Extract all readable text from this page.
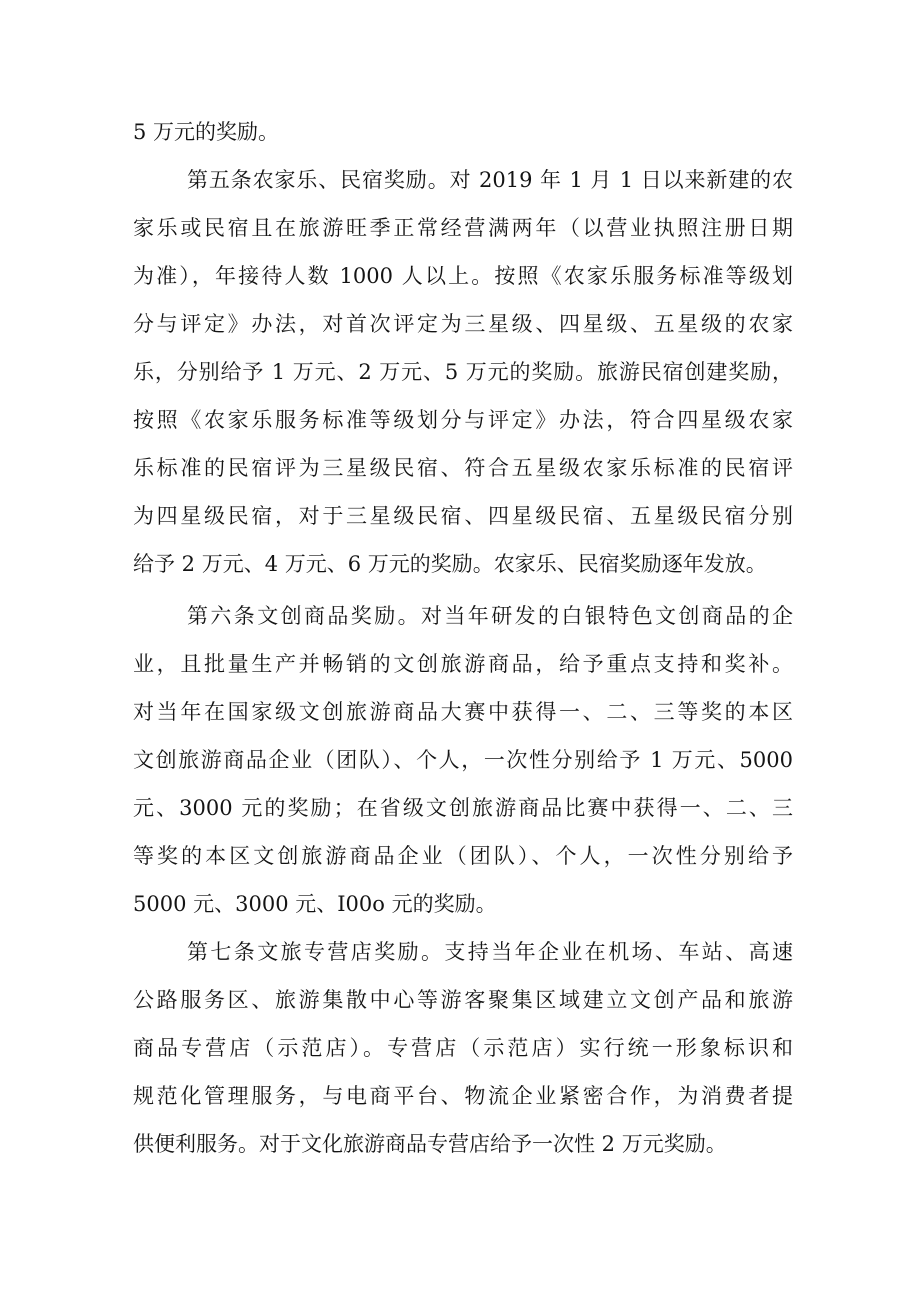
5 万元的奖励。

第五条农家乐、民宿奖励。对 2019 年 1 月 1 日以来新建的农

家乐或民宿且在旅游旺季正常经营满两年（以营业执照注册日期

为准），年接待人数 1000 人以上。按照《农家乐服务标准等级划

分与评定》办法，对首次评定为三星级、四星级、五星级的农家

乐，分别给予 1 万元、2 万元、5 万元的奖励。旅游民宿创建奖励，

按照《农家乐服务标准等级划分与评定》办法，符合四星级农家

乐标准的民宿评为三星级民宿、符合五星级农家乐标准的民宿评

为四星级民宿，对于三星级民宿、四星级民宿、五星级民宿分别

给予 2 万元、4 万元、6 万元的奖励。农家乐、民宿奖励逐年发放。

第六条文创商品奖励。对当年研发的白银特色文创商品的企

业，且批量生产并畅销的文创旅游商品，给予重点支持和奖补。

对当年在国家级文创旅游商品大赛中获得一、二、三等奖的本区

文创旅游商品企业（团队）、个人，一次性分别给予 1 万元、5000

元、3000 元的奖励；在省级文创旅游商品比赛中获得一、二、三

等奖的本区文创旅游商品企业（团队）、个人，一次性分别给予

5000 元、3000 元、I00o 元的奖励。

第七条文旅专营店奖励。支持当年企业在机场、车站、高速

公路服务区、旅游集散中心等游客聚集区域建立文创产品和旅游

商品专营店（示范店）。专营店（示范店）实行统一形象标识和

规范化管理服务，与电商平台、物流企业紧密合作，为消费者提

供便利服务。对于文化旅游商品专营店给予一次性 2 万元奖励。
